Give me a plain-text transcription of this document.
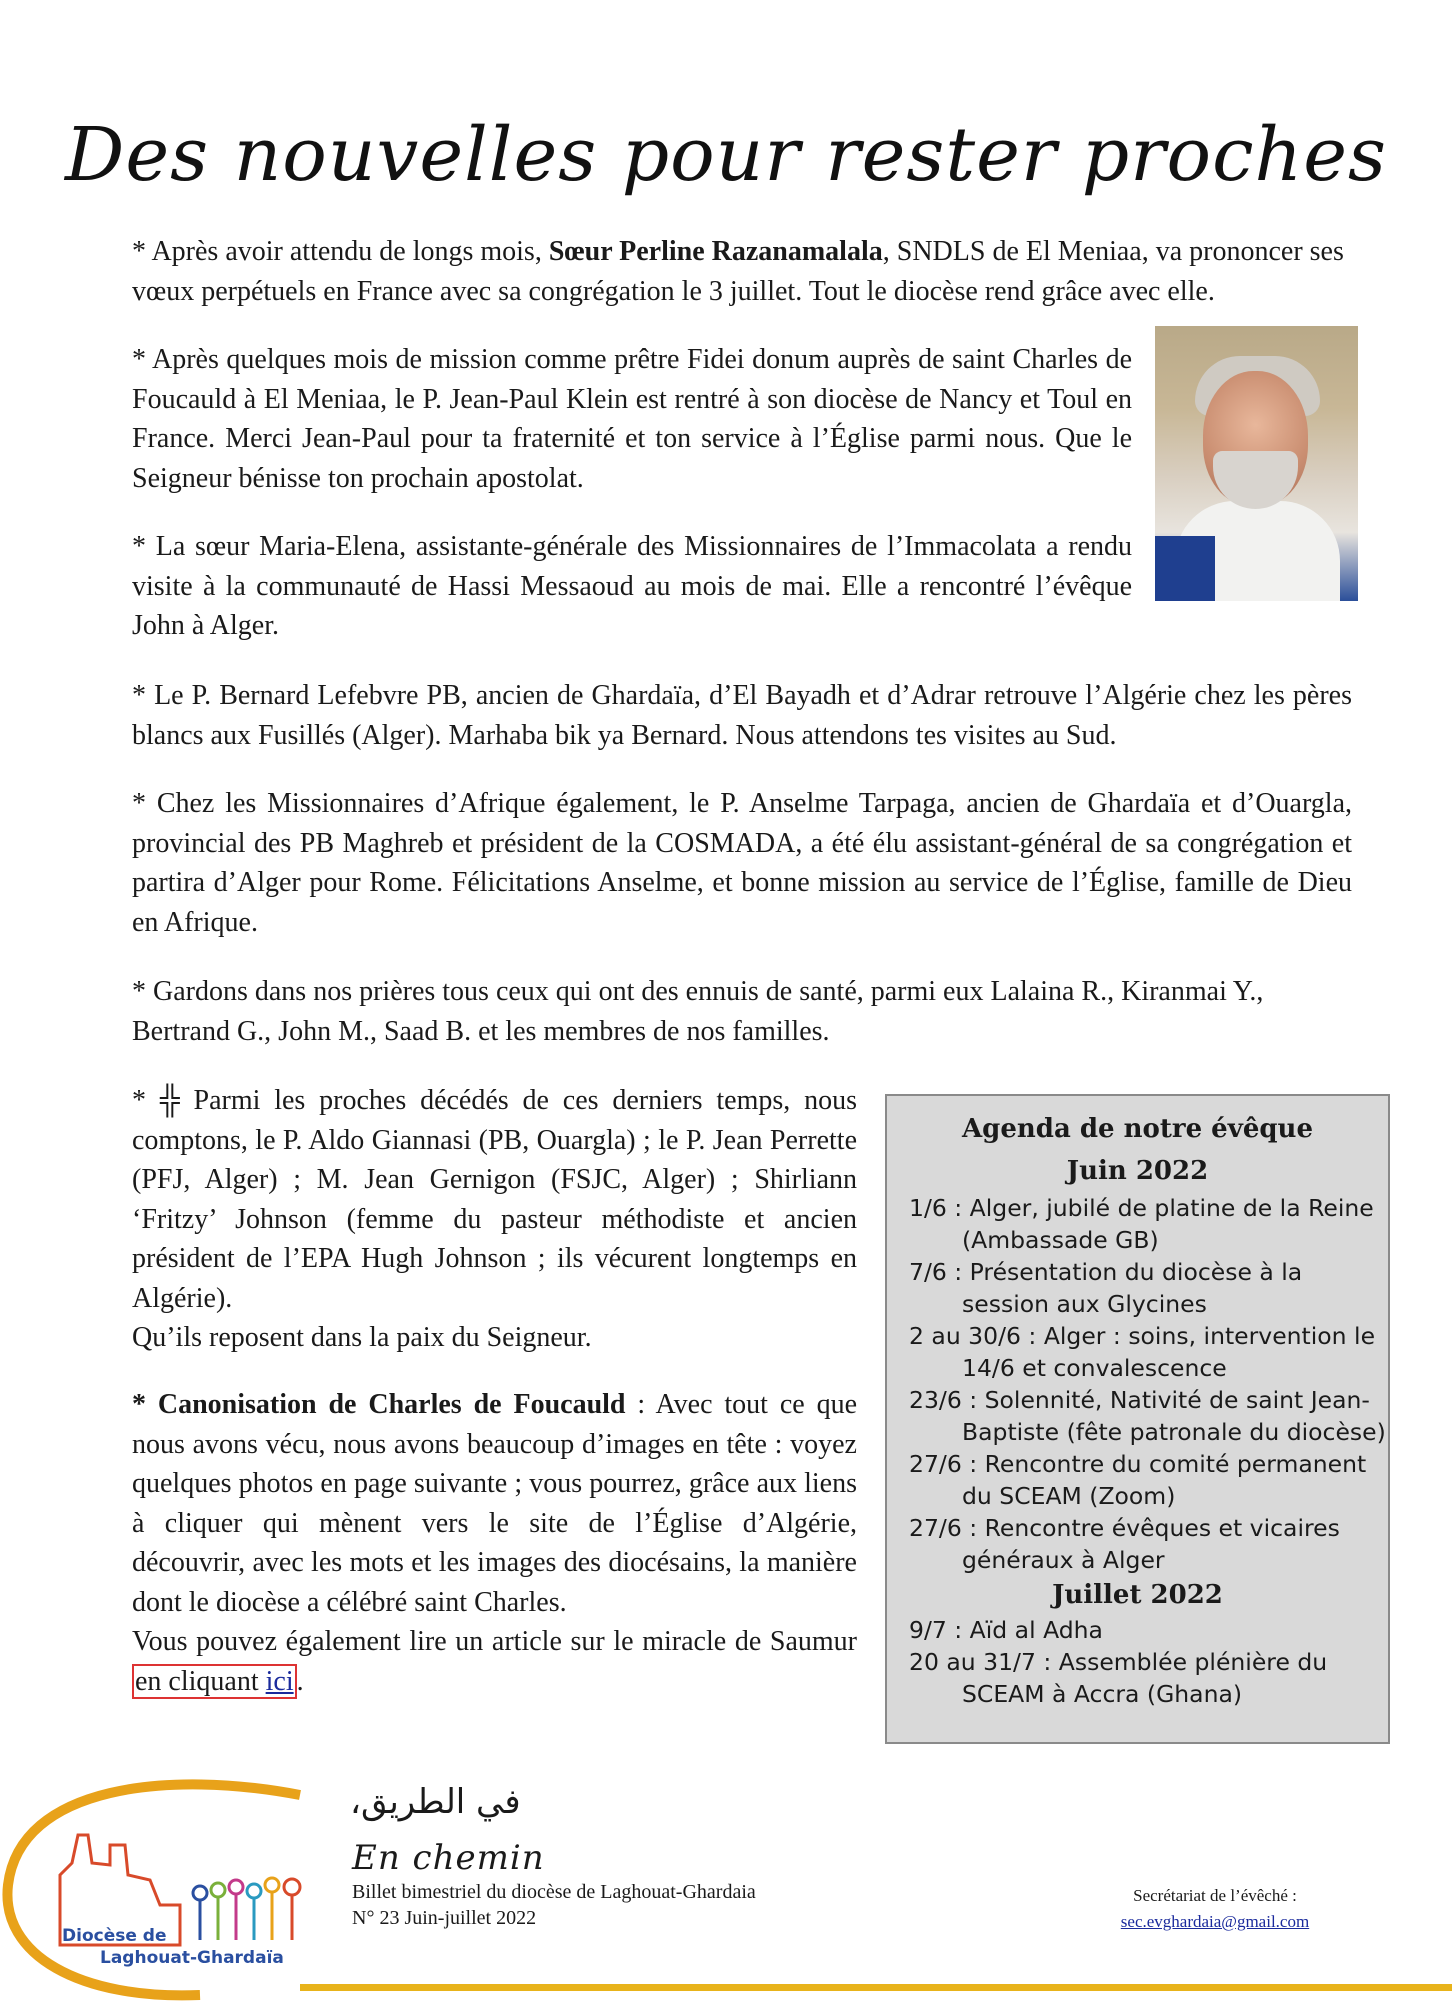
Des nouvelles pour rester proches

* Après avoir attendu de longs mois, Sœur Perline Razanamalala, SNDLS de El Meniaa, va prononcer ses vœux perpétuels en France avec sa congrégation le 3 juillet. Tout le diocèse rend grâce avec elle.

* Après quelques mois de mission comme prêtre Fidei donum auprès de saint Charles de Foucauld à El Meniaa, le P. Jean-Paul Klein est rentré à son diocèse de Nancy et Toul en France. Merci Jean-Paul pour ta fraternité et ton service à l’Église parmi nous. Que le Seigneur bénisse ton prochain apostolat.

* La sœur Maria-Elena, assistante-générale des Missionnaires de l’Immacolata a rendu visite à la communauté de Hassi Messaoud au mois de mai. Elle a rencontré l’évêque John à Alger.

* Le P. Bernard Lefebvre PB, ancien de Ghardaïa, d’El Bayadh et d’Adrar retrouve l’Algérie chez les pères blancs aux Fusillés (Alger). Marhaba bik ya Bernard. Nous attendons tes visites au Sud.

* Chez les Missionnaires d’Afrique également, le P. Anselme Tarpaga, ancien de Ghardaïa et d’Ouargla, provincial des PB Maghreb et président de la COSMADA, a été élu assistant-général de sa congrégation et partira d’Alger pour Rome. Félicitations Anselme, et bonne mission au service de l’Église, famille de Dieu en Afrique.

* Gardons dans nos prières tous ceux qui ont des ennuis de santé, parmi eux Lalaina R., Kiranmai Y., Bertrand G., John M., Saad B. et les membres de nos familles.

* ╬ Parmi les proches décédés de ces derniers temps, nous comptons, le P. Aldo Giannasi (PB, Ouargla) ; le P. Jean Perrette (PFJ, Alger) ; M. Jean Gernigon (FSJC, Alger) ; Shirliann ‘Fritzy’ Johnson (femme du pasteur méthodiste et ancien président de l’EPA Hugh Johnson ; ils vécurent longtemps en Algérie).
Qu’ils reposent dans la paix du Seigneur.
* Canonisation de Charles de Foucauld : Avec tout ce que nous avons vécu, nous avons beaucoup d’images en tête : voyez quelques photos en page suivante ; vous pourrez, grâce aux liens à cliquer qui mènent vers le site de l’Église d’Algérie, découvrir, avec les mots et les images des diocésains, la manière dont le diocèse a célébré saint Charles.
Vous pouvez également lire un article sur le miracle de Saumur en cliquant ici .
Agenda de notre évêque
Juin 2022
1/6 : Alger, jubilé de platine de la Reine (Ambassade GB)
7/6 : Présentation du diocèse à la session aux Glycines
2 au 30/6 : Alger : soins, intervention le 14/6 et convalescence
23/6 : Solennité, Nativité de saint Jean-Baptiste (fête patronale du diocèse)
27/6 : Rencontre du comité permanent du SCEAM (Zoom)
27/6 : Rencontre évêques et vicaires généraux à Alger
Juillet 2022
9/7 : Aïd al Adha
20 au 31/7 : Assemblée plénière du SCEAM à Accra (Ghana)
Diocèse de
Laghouat-Ghardaïa
في الطريق،
En chemin
Billet bimestriel du diocèse de Laghouat-Ghardaia
N° 23 Juin-juillet 2022
Secrétariat de l’évêché :
sec.evghardaia@gmail.com
